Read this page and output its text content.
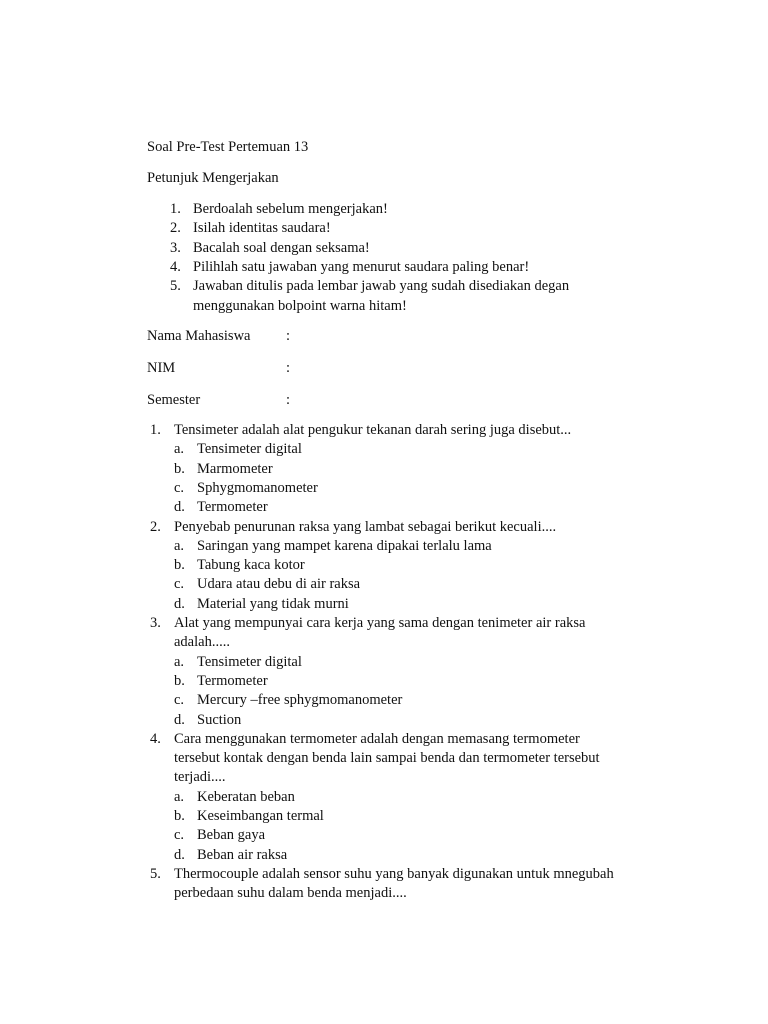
Soal Pre-Test Pertemuan 13
Petunjuk Mengerjakan
Nama Mahasiswa :
NIM	:
Semester	:
1. Berdoalah sebelum mengerjakan!
2. Isilah identitas saudara!
3. Bacalah soal dengan seksama!
4. Pilihlah satu jawaban yang menurut saudara paling benar!
5. Jawaban ditulis pada lembar jawab yang sudah disediakan degan
menggunakan bolpoint warna hitam!
1. Tensimeter adalah alat pengukur tekanan darah sering juga disebut...
a. Tensimeter digital
b. Marmometer
c. Sphygmomanometer
d. Termometer
2. Penyebab penurunan raksa yang lambat sebagai berikut kecuali....
a. Saringan yang mampet karena dipakai terlalu lama
b. Tabung kaca kotor
c. Udara atau debu di air raksa
d. Material yang tidak murni
3. Alat yang mempunyai cara kerja yang sama dengan tenimeter air raksa
adalah.....
a. Tensimeter digital
b. Termometer
c. Mercury –free sphygmomanometer
d. Suction
4. Cara menggunakan termometer adalah dengan memasang termometer
tersebut kontak dengan benda lain sampai benda dan termometer tersebut
terjadi....
a. Keberatan beban
b. Keseimbangan termal
c. Beban gaya
d. Beban air raksa
5. Thermocouple adalah sensor suhu yang banyak digunakan untuk mnegubah
perbedaan suhu dalam benda menjadi....
